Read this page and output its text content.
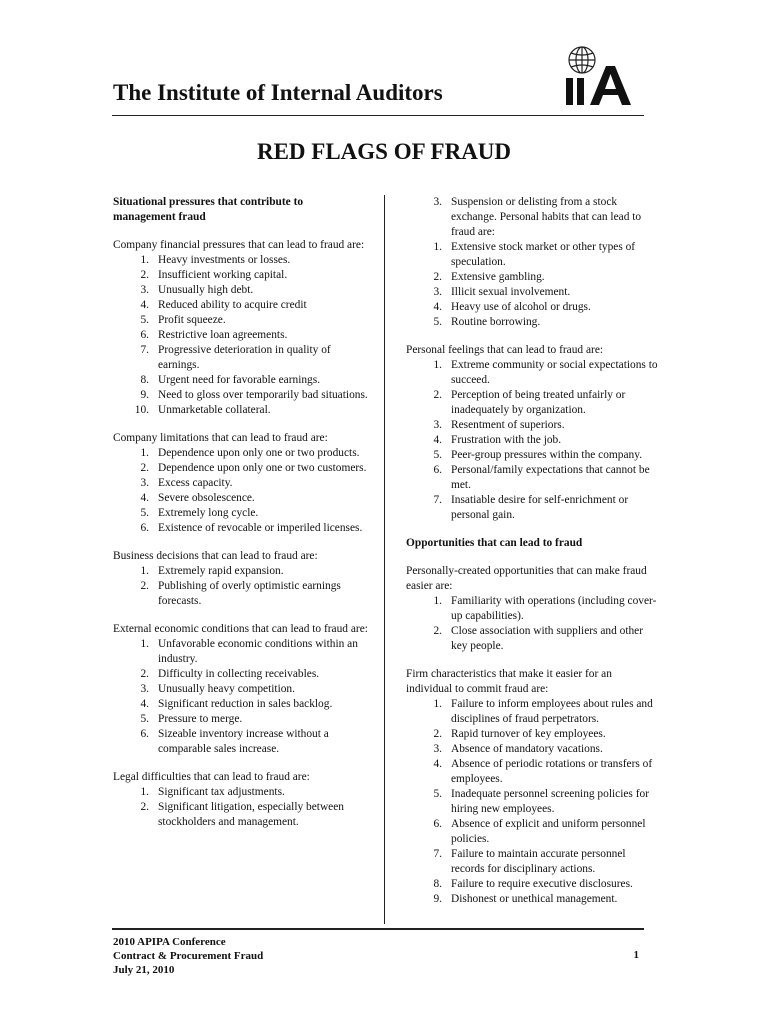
The Institute of Internal Auditors
IIA
RED FLAGS OF FRAUD
Situational pressures that contribute to management fraud

Company financial pressures that can lead to fraud are:

1. Heavy investments or losses.
2. Insufficient working capital.
3. Unusually high debt.
4. Reduced ability to acquire credit
5. Profit squeeze.
6. Restrictive loan agreements.
7. Progressive deterioration in quality of earnings.
8. Urgent need for favorable earnings.
9. Need to gloss over temporarily bad situations.
10. Unmarketable collateral.

Company limitations that can lead to fraud are:

1. Dependence upon only one or two products.
2. Dependence upon only one or two customers.
3. Excess capacity.
4. Severe obsolescence.
5. Extremely long cycle.
6. Existence of revocable or imperiled licenses.

Business decisions that can lead to fraud are:

1. Extremely rapid expansion.
2. Publishing of overly optimistic earnings forecasts.

External economic conditions that can lead to fraud are:

1. Unfavorable economic conditions within an industry.
2. Difficulty in collecting receivables.
3. Unusually heavy competition.
4. Significant reduction in sales backlog.
5. Pressure to merge.
6. Sizeable inventory increase without a comparable sales increase.

Legal difficulties that can lead to fraud are:

1. Significant tax adjustments.
2. Significant litigation, especially between stockholders and management.
3. Suspension or delisting from a stock exchange. Personal habits that can lead to fraud are:
1. Extensive stock market or other types of speculation.
2. Extensive gambling.
3. Illicit sexual involvement.
4. Heavy use of alcohol or drugs.
5. Routine borrowing.

Personal feelings that can lead to fraud are:

1. Extreme community or social expectations to succeed.
2. Perception of being treated unfairly or inadequately by organization.
3. Resentment of superiors.
4. Frustration with the job.
5. Peer-group pressures within the company.
6. Personal/family expectations that cannot be met.
7. Insatiable desire for self-enrichment or personal gain.
Opportunities that can lead to fraud

Personally-created opportunities that can make fraud easier are:

1. Familiarity with operations (including cover-up capabilities).
2. Close association with suppliers and other key people.

Firm characteristics that make it easier for an individual to commit fraud are:

1. Failure to inform employees about rules and disciplines of fraud perpetrators.
2. Rapid turnover of key employees.
3. Absence of mandatory vacations.
4. Absence of periodic rotations or transfers of employees.
5. Inadequate personnel screening policies for hiring new employees.
6. Absence of explicit and uniform personnel policies.
7. Failure to maintain accurate personnel records for disciplinary actions.
8. Failure to require executive disclosures.
9. Dishonest or unethical management.
2010 APIPA Conference
Contract & Procurement Fraud
July 21, 2010
1
